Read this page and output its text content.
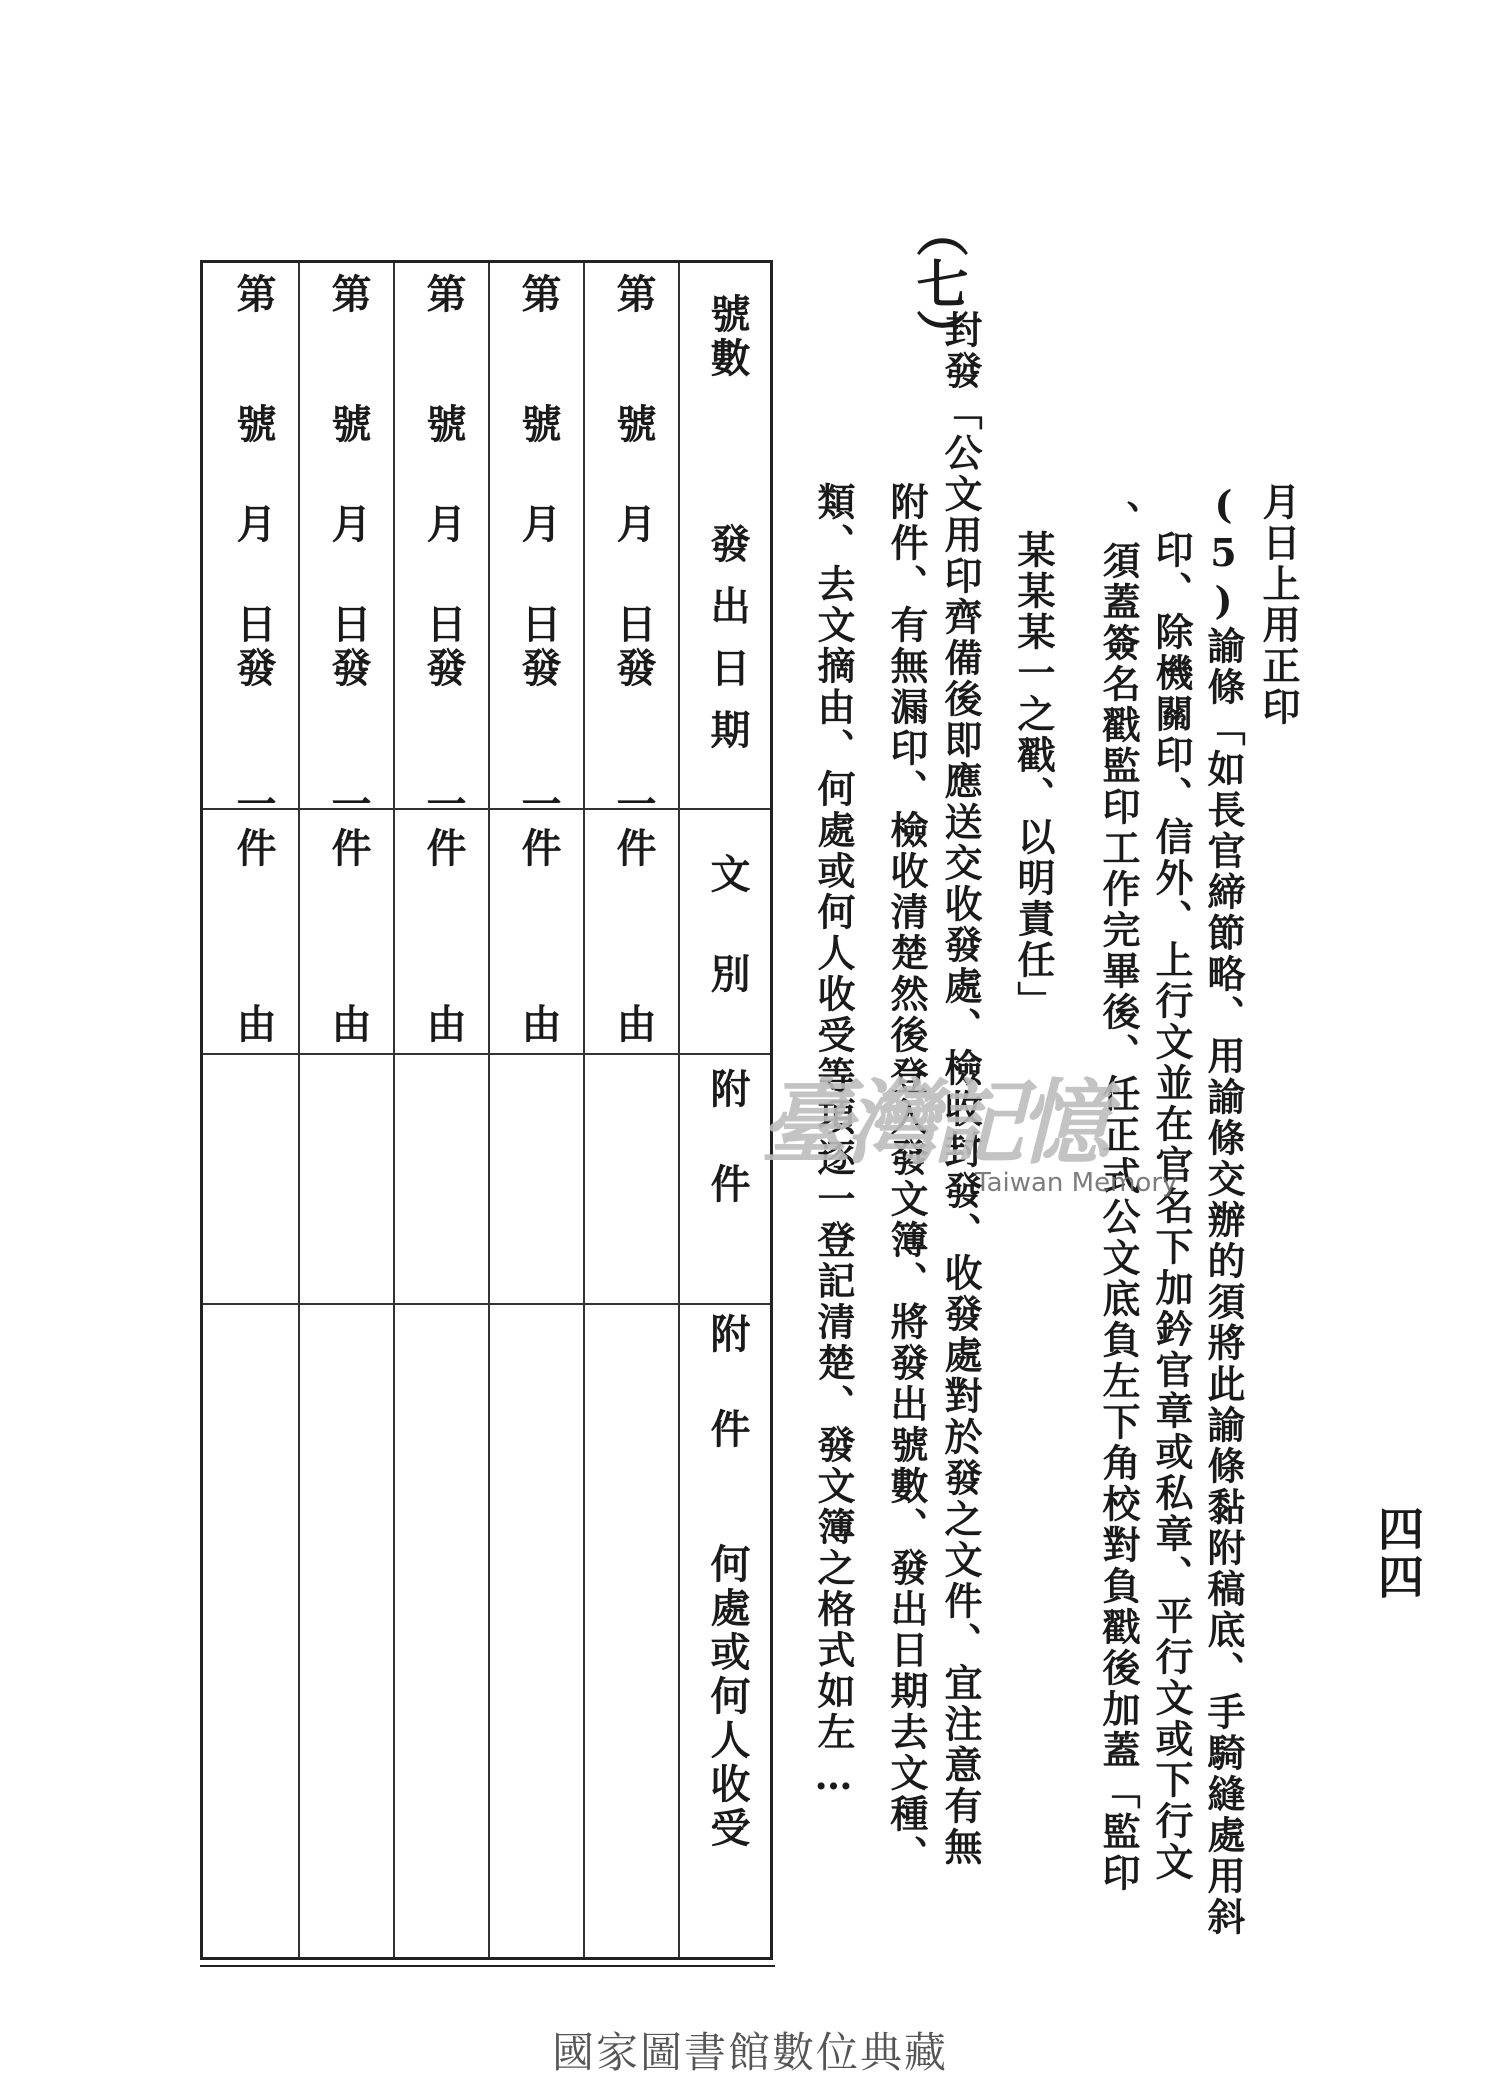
四四
（七）
月日上用正印
(5)諭條「如長官締節略、用諭條交辦的須將此諭條黏附稿底、手騎縫處用斜
印、除機關印、信外、上行文並在官名下加鈐官章或私章、平行文或下行文
、須蓋簽名戳監印工作完畢後、任正式公文底負左下角校對負戳後加蓋「監印
某某某一之戳、以明責任」
封發「公文用印齊備後即應送交收發處、檢收封發、收發處對於發之文件、宜注意有無
附件、有無漏印、檢收清楚然後登入發文簿、將發出號數、發出日期去文種、
類、去文摘由、何處或何人收受等項逐一登記清楚、發文簿之格式如左…
號數
發出日期
文別
附件
附件
何處或何人收受
第
號
月
日發
一件
由
第
號
月
日發
一件
由
第
號
月
日發
一件
由
第
號
月
日發
一件
由
第
號
月
日發
一件
由
臺灣記憶
Taiwan Memory
國家圖書館數位典藏
